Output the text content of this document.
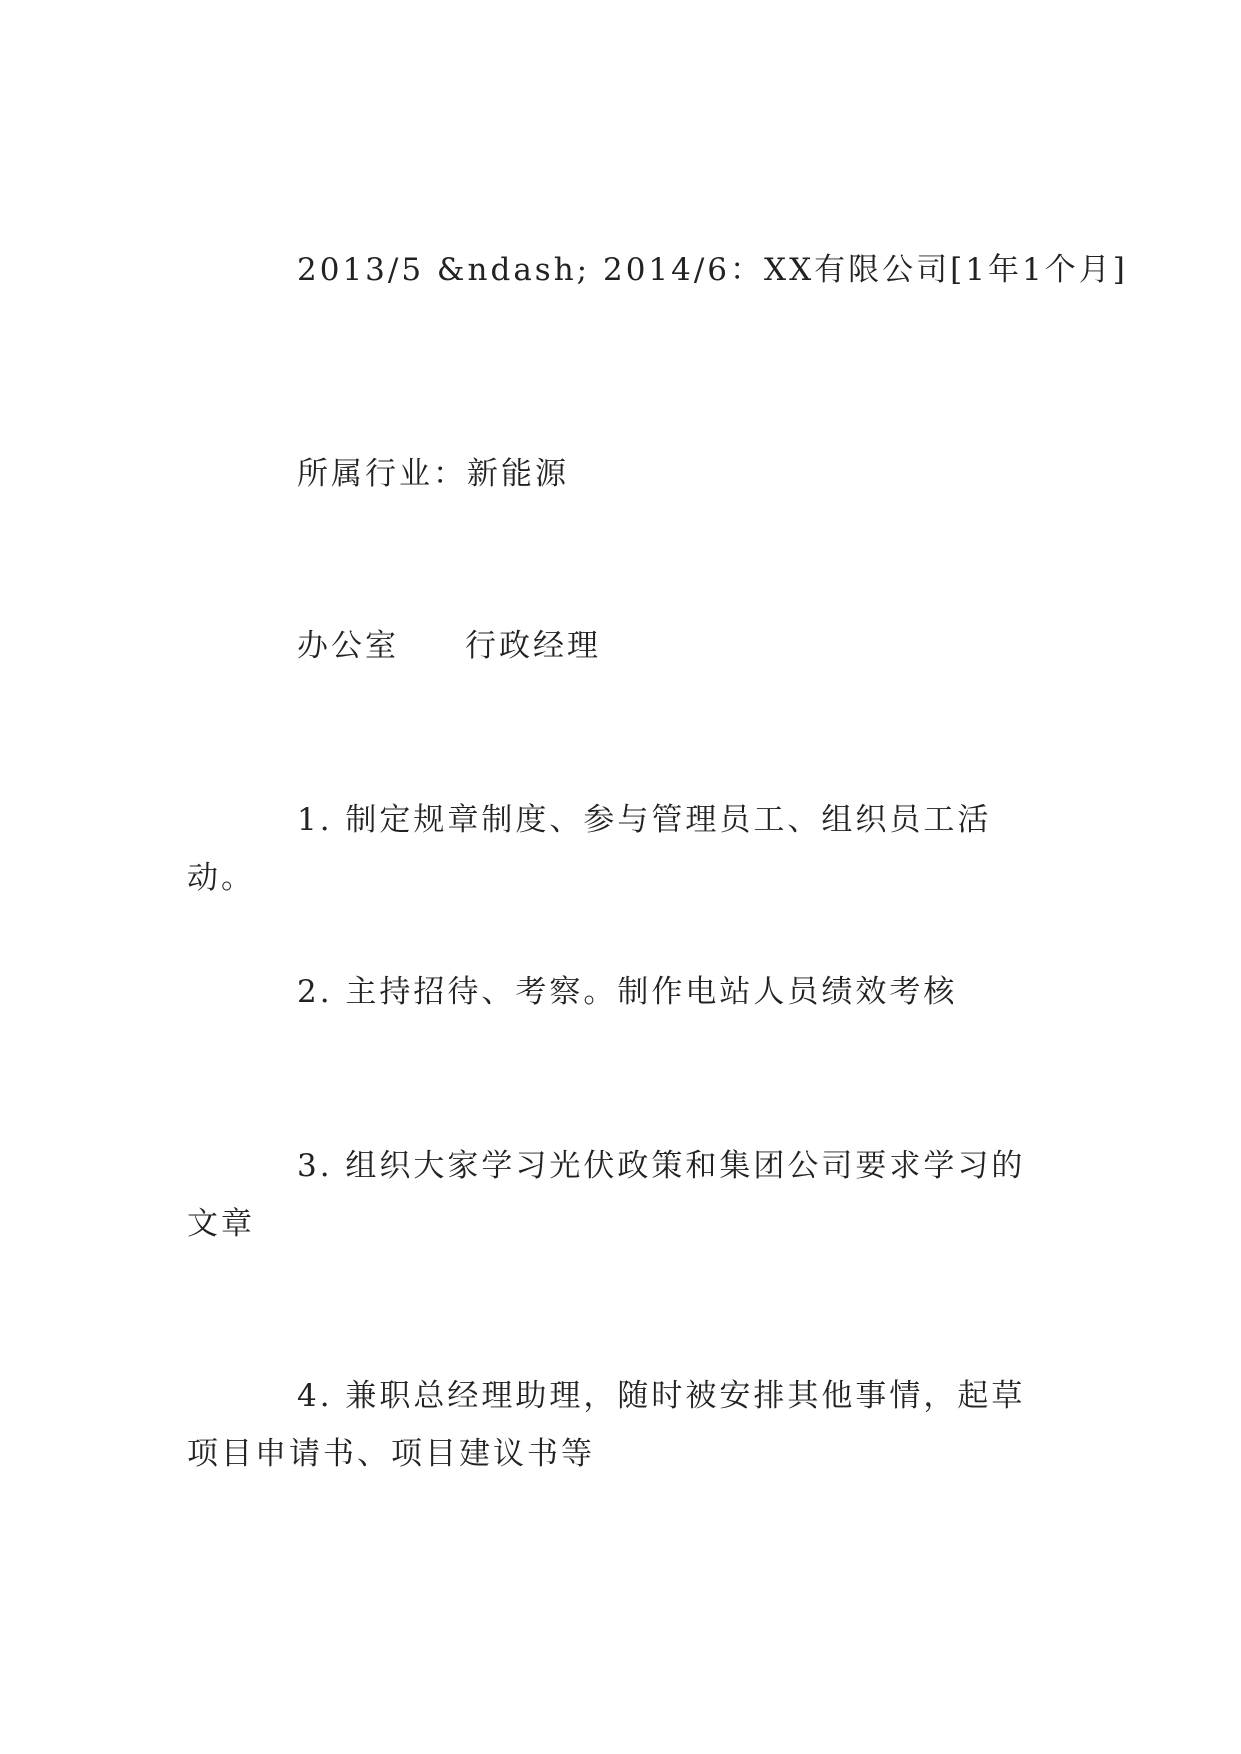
2013/5 &ndash; 2014/6：XX有限公司[1年1个月]
所属行业：新能源
办公室 行政经理
1. 制定规章制度、参与管理员工、组织员工活动。
2. 主持招待、考察。制作电站人员绩效考核
3. 组织大家学习光伏政策和集团公司要求学习的文章
4. 兼职总经理助理，随时被安排其他事情，起草项目申请书、项目建议书等
